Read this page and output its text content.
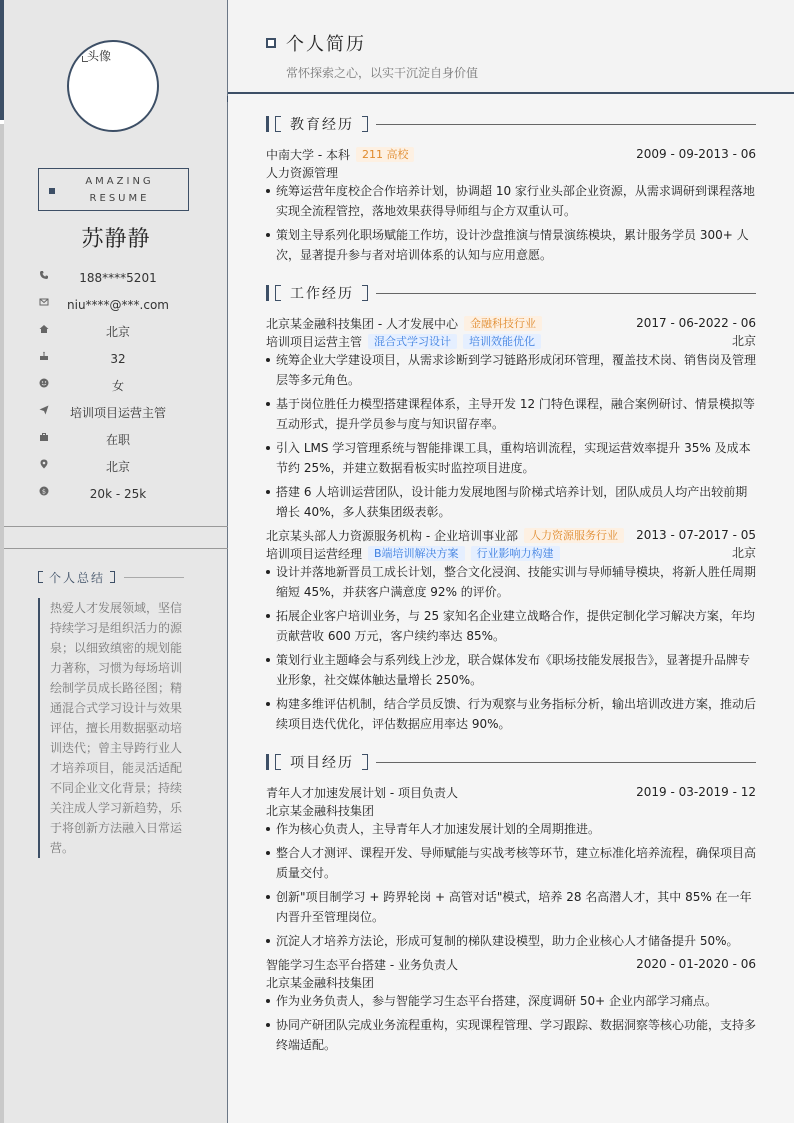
头像
AMAZING
RESUME
苏静静
188****5201
niu****@***.com
北京
32
女
培训项目运营主管
在职
北京
$	20k - 25k
个人总结
热爱人才发展领域，坚信持续学习是组织活力的源泉；以细致缜密的规划能力著称，习惯为每场培训绘制学员成长路径图；精通混合式学习设计与效果评估，擅长用数据驱动培训迭代；曾主导跨行业人才培养项目，能灵活适配不同企业文化背景；持续关注成人学习新趋势，乐于将创新方法融入日常运营。
个人简历
常怀探索之心，以实干沉淀自身价值
教育经历
中南大学 - 本科	211 高校	2009 - 09-2013 - 06
人力资源管理
统筹运营年度校企合作培养计划，协调超 10 家行业头部企业资源，从需求调研到课程落地实现全流程管控，落地效果获得导师组与企方双重认可。
策划主导系列化职场赋能工作坊，设计沙盘推演与情景演练模块，累计服务学员 300+ 人次，显著提升参与者对培训体系的认知与应用意愿。
工作经历
北京某金融科技集团 - 人才发展中心	金融科技行业	2017 - 06-2022 - 06
培训项目运营主管	混合式学习设计	培训效能优化	北京
统筹企业大学建设项目，从需求诊断到学习链路形成闭环管理，覆盖技术岗、销售岗及管理层等多元角色。
基于岗位胜任力模型搭建课程体系，主导开发 12 门特色课程，融合案例研讨、情景模拟等互动形式，提升学员参与度与知识留存率。
引入 LMS 学习管理系统与智能排课工具，重构培训流程，实现运营效率提升 35% 及成本节约 25%，并建立数据看板实时监控项目进度。
搭建 6 人培训运营团队，设计能力发展地图与阶梯式培养计划，团队成员人均产出较前期增长 40%，多人获集团级表彰。
北京某头部人力资源服务机构 - 企业培训事业部	人力资源服务行业	2013 - 07-2017 - 05
培训项目运营经理	B端培训解决方案	行业影响力构建	北京
设计并落地新晋员工成长计划，整合文化浸润、技能实训与导师辅导模块，将新人胜任周期缩短 45%，并获客户满意度 92% 的评价。
拓展企业客户培训业务，与 25 家知名企业建立战略合作，提供定制化学习解决方案，年均贡献营收 600 万元，客户续约率达 85%。
策划行业主题峰会与系列线上沙龙，联合媒体发布《职场技能发展报告》，显著提升品牌专业形象，社交媒体触达量增长 250%。
构建多维评估机制，结合学员反馈、行为观察与业务指标分析，输出培训改进方案，推动后续项目迭代优化，评估数据应用率达 90%。
项目经历
青年人才加速发展计划 - 项目负责人	2019 - 03-2019 - 12
北京某金融科技集团
作为核心负责人，主导青年人才加速发展计划的全周期推进。
整合人才测评、课程开发、导师赋能与实战考核等环节，建立标准化培养流程，确保项目高质量交付。
创新"项目制学习 + 跨界轮岗 + 高管对话"模式，培养 28 名高潜人才，其中 85% 在一年内晋升至管理岗位。
沉淀人才培养方法论，形成可复制的梯队建设模型，助力企业核心人才储备提升 50%。
智能学习生态平台搭建 - 业务负责人	2020 - 01-2020 - 06
北京某金融科技集团
作为业务负责人，参与智能学习生态平台搭建，深度调研 50+ 企业内部学习痛点。
协同产研团队完成业务流程重构，实现课程管理、学习跟踪、数据洞察等核心功能，支持多终端适配。
